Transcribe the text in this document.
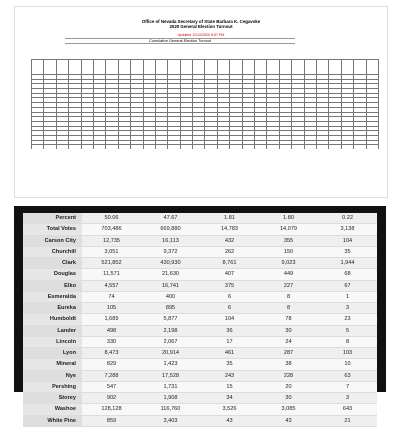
Office of Nevada Secretary of State Barbara K. Cegavske
2020 General Election Turnout
Updated 11/10/2020 6:57 PM
Cumulative General Election Turnout

Percent	50.06	47.67	1.81	1.80	0.22
Total Votes	703,486	669,880	14,783	14,079	3,138
Carson City	12,735	16,113	432	355	104
Churchill	3,051	9,372	262	150	35
Clark	521,852	430,930	8,761	9,023	1,944
Douglas	11,571	21,630	407	449	68
Elko	4,557	16,741	375	227	67
Esmeralda	74	400	6	8	1
Eureka	105	895	6	8	3
Humboldt	1,689	5,877	104	78	23
Lander	498	2,198	36	30	5
Lincoln	330	2,067	17	24	8
Lyon	8,473	20,914	461	287	103
Mineral	829	1,423	35	38	10
Nye	7,288	17,528	243	228	63
Pershing	547	1,731	15	20	7
Storey	902	1,908	34	30	3
Washoe	128,128	116,760	3,526	3,085	643
White Pine	859	3,403	43	43	21
